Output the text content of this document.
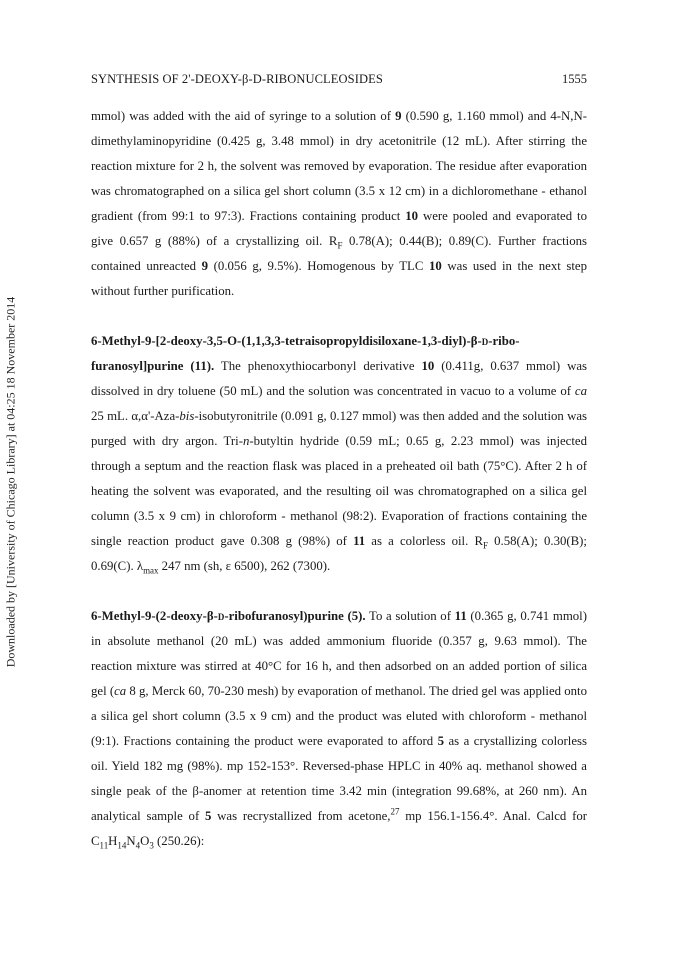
Downloaded by [University of Chicago Library] at 04:25 18 November 2014
SYNTHESIS OF 2'-DEOXY-β-D-RIBONUCLEOSIDES	1555

mmol) was added with the aid of syringe to a solution of 9 (0.590 g, 1.160 mmol) and 4-N,N-dimethylaminopyridine (0.425 g, 3.48 mmol) in dry acetonitrile (12 mL). After stirring the reaction mixture for 2 h, the solvent was removed by evaporation. The residue after evaporation was chromatographed on a silica gel short column (3.5 x 12 cm) in a dichloromethane - ethanol gradient (from 99:1 to 97:3). Fractions containing product 10 were pooled and evaporated to give 0.657 g (88%) of a crystallizing oil. $R_F$ 0.78(A); 0.44(B); 0.89(C). Further fractions contained unreacted 9 (0.056 g, 9.5%). Homogenous by TLC 10 was used in the next step without further purification.

6-Methyl-9-[2-deoxy-3,5-O-(1,1,3,3-tetraisopropyldisiloxane-1,3-diyl)-β-d-ribo-furanosyl]purine (11). The phenoxythiocarbonyl derivative 10 (0.411g, 0.637 mmol) was dissolved in dry toluene (50 mL) and the solution was concentrated in vacuo to a volume of ca 25 mL. α,α'-Aza-bis-isobutyronitrile (0.091 g, 0.127 mmol) was then added and the solution was purged with dry argon. Tri-n-butyltin hydride (0.59 mL; 0.65 g, 2.23 mmol) was injected through a septum and the reaction flask was placed in a preheated oil bath (75°C). After 2 h of heating the solvent was evaporated, and the resulting oil was chromatographed on a silica gel column (3.5 x 9 cm) in chloroform - methanol (98:2). Evaporation of fractions containing the single reaction product gave 0.308 g (98%) of 11 as a colorless oil. $R_F$ 0.58(A); 0.30(B); 0.69(C). $\lambda_{max}$ 247 nm (sh, ε 6500), 262 (7300).

6-Methyl-9-(2-deoxy-β-d-ribofuranosyl)purine (5). To a solution of 11 (0.365 g, 0.741 mmol) in absolute methanol (20 mL) was added ammonium fluoride (0.357 g, 9.63 mmol). The reaction mixture was stirred at 40°C for 16 h, and then adsorbed on an added portion of silica gel (ca 8 g, Merck 60, 70-230 mesh) by evaporation of methanol. The dried gel was applied onto a silica gel short column (3.5 x 9 cm) and the product was eluted with chloroform - methanol (9:1). Fractions containing the product were evaporated to afford 5 as a crystallizing colorless oil. Yield 182 mg (98%). mp 152-153°. Reversed-phase HPLC in 40% aq. methanol showed a single peak of the β-anomer at retention time 3.42 min (integration 99.68%, at 260 nm). An analytical sample of 5 was recrystallized from acetone,$^{27}$ mp 156.1-156.4°. Anal. Calcd for $C_{11}H_{14}N_4O_3$ (250.26):
